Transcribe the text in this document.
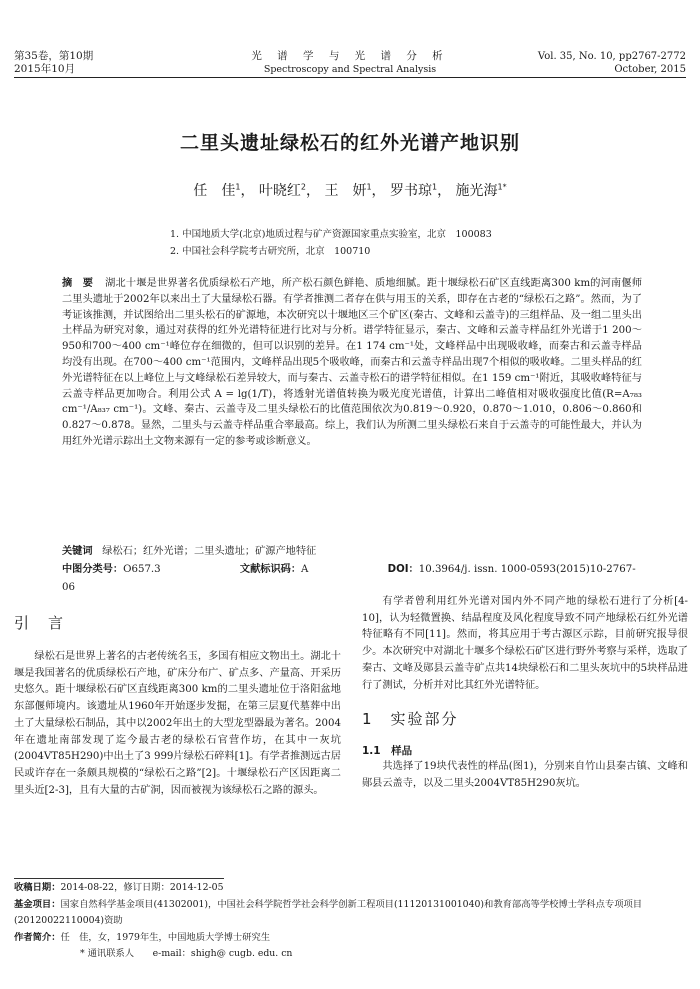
第35卷，第10期
2015年10月
光 谱 学 与 光 谱 分 析
Spectroscopy and Spectral Analysis
Vol. 35, No. 10, pp2767-2772
October, 2015
二里头遗址绿松石的红外光谱产地识别
任　佳$^1$， 叶晓红$^2$， 王　妍$^1$， 罗书琼$^1$， 施光海$^{1*}$
1. 中国地质大学(北京)地质过程与矿产资源国家重点实验室，北京　100083
2. 中国社会科学院考古研究所，北京　100710
摘　要 湖北十堰是世界著名优质绿松石产地，所产松石颜色鲜艳、质地细腻。距十堰绿松石矿区直线距离300 km的河南偃师二里头遗址于2002年以来出土了大量绿松石器。有学者推测二者存在供与用玉的关系，即存在古老的“绿松石之路”。然而，为了考证该推测，并试图给出二里头松石的矿源地，本次研究以十堰地区三个矿区(秦古、文峰和云盖寺)的三组样品、及一组二里头出土样品为研究对象，通过对获得的红外光谱特征进行比对与分析。谱学特征显示，秦古、文峰和云盖寺样品红外光谱于1 200～950和700～400 cm⁻¹峰位存在细微的，但可以识别的差异。在1 174 cm⁻¹处，文峰样品中出现吸收峰，而秦古和云盖寺样品均没有出现。在700～400 cm⁻¹范围内，文峰样品出现5个吸收峰，而秦古和云盖寺样品出现7个相似的吸收峰。二里头样品的红外光谱特征在以上峰位上与文峰绿松石差异较大，而与秦古、云盖寺松石的谱学特征相似。在1 159 cm⁻¹附近，其吸收峰特征与云盖寺样品更加吻合。利用公式 A = lg(1/T)，将透射光谱值转换为吸光度光谱值，计算出二峰值相对吸收强度比值(R=A₇₈₃ cm⁻¹/A₈₃₇ cm⁻¹)。文峰、秦古、云盖寺及二里头绿松石的比值范围依次为0.819～0.920，0.870～1.010，0.806～0.860和0.827～0.878。显然，二里头与云盖寺样品重合率最高。综上，我们认为所测二里头绿松石来自于云盖寺的可能性最大，并认为用红外光谱示踪出土文物来源有一定的参考或诊断意义。
关键词 绿松石；红外光谱；二里头遗址；矿源产地特征
中图分类号：O657.3	文献标识码：A	DOI：10.3964/j. issn. 1000-0593(2015)10-2767-06
引　言

绿松石是世界上著名的古老传统名玉，多国有相应文物出土。湖北十堰是我国著名的优质绿松石产地，矿床分布广、矿点多、产量高、开采历史悠久。距十堰绿松石矿区直线距离300 km的二里头遗址位于洛阳盆地东部偃师境内。该遗址从1960年开始逐步发掘，在第三层夏代墓葬中出土了大量绿松石制品，其中以2002年出土的大型龙型器最为著名。2004年在遗址南部发现了迄今最古老的绿松石官营作坊，在其中一灰坑(2004ⅤT85H290)中出土了3 999片绿松石碎料[1]。有学者推测远古居民或许存在一条颇具规模的“绿松石之路”[2]。十堰绿松石产区因距离二里头近[2-3]，且有大量的古矿洞，因而被视为该绿松石之路的源头。

有学者曾利用红外光谱对国内外不同产地的绿松石进行了分析[4-10]，认为轻微置换、结晶程度及风化程度导致不同产地绿松石红外光谱特征略有不同[11]。然而，将其应用于考古源区示踪，目前研究报导很少。本次研究中对湖北十堰多个绿松石矿区进行野外考察与采样，选取了秦古、文峰及郧县云盖寺矿点共14块绿松石和二里头灰坑中的5块样品进行了测试，分析并对比其红外光谱特征。

1　实验部分
1.1　样品

共选择了19块代表性的样品(图1)，分别来自竹山县秦古镇、文峰和郧县云盖寺，以及二里头2004ⅤT85H290灰坑。

收稿日期：2014-08-22，修订日期：2014-12-05
基金项目：国家自然科学基金项目(41302001)，中国社会科学院哲学社会科学创新工程项目(11120131001040)和教育部高等学校博士学科点专项项目(20120022110004)资助
作者简介：任　佳，女，1979年生，中国地质大学博士研究生
* 通讯联系人　　e-mail：shigh@ cugb. edu. cn
